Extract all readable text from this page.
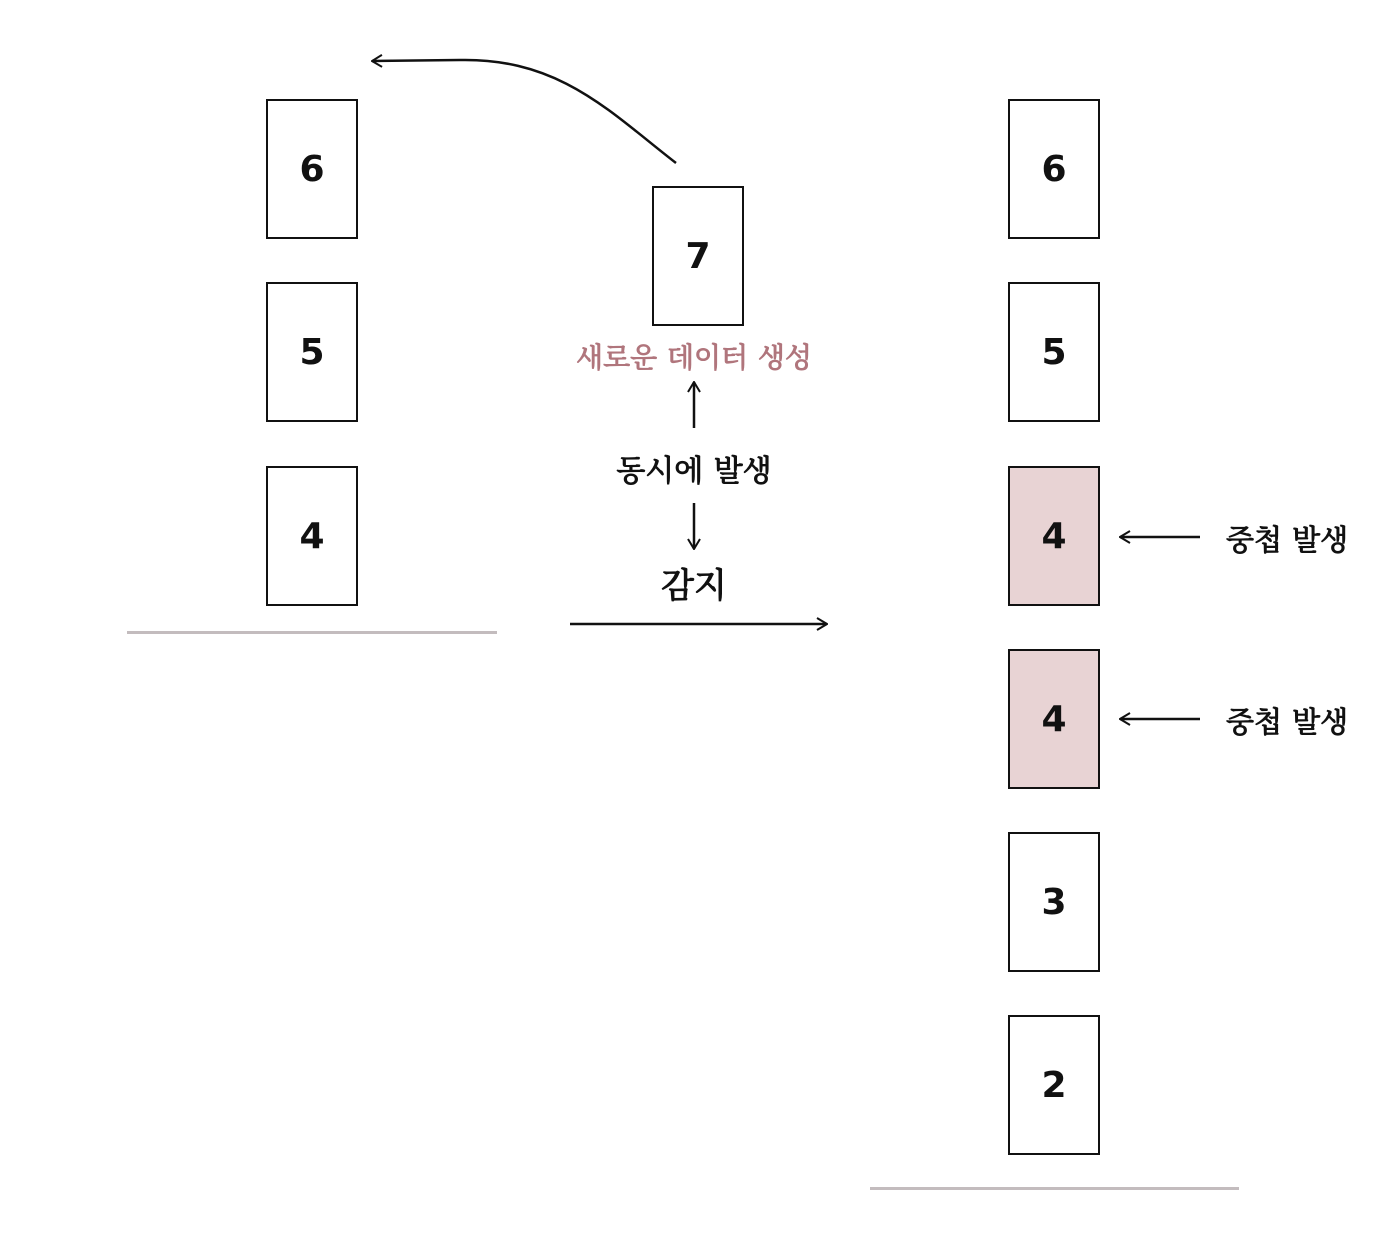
6
5
4
7
새로운 데이터 생성
동시에 발생
감지
6
5
4
4
3
2
중첩 발생
중첩 발생
